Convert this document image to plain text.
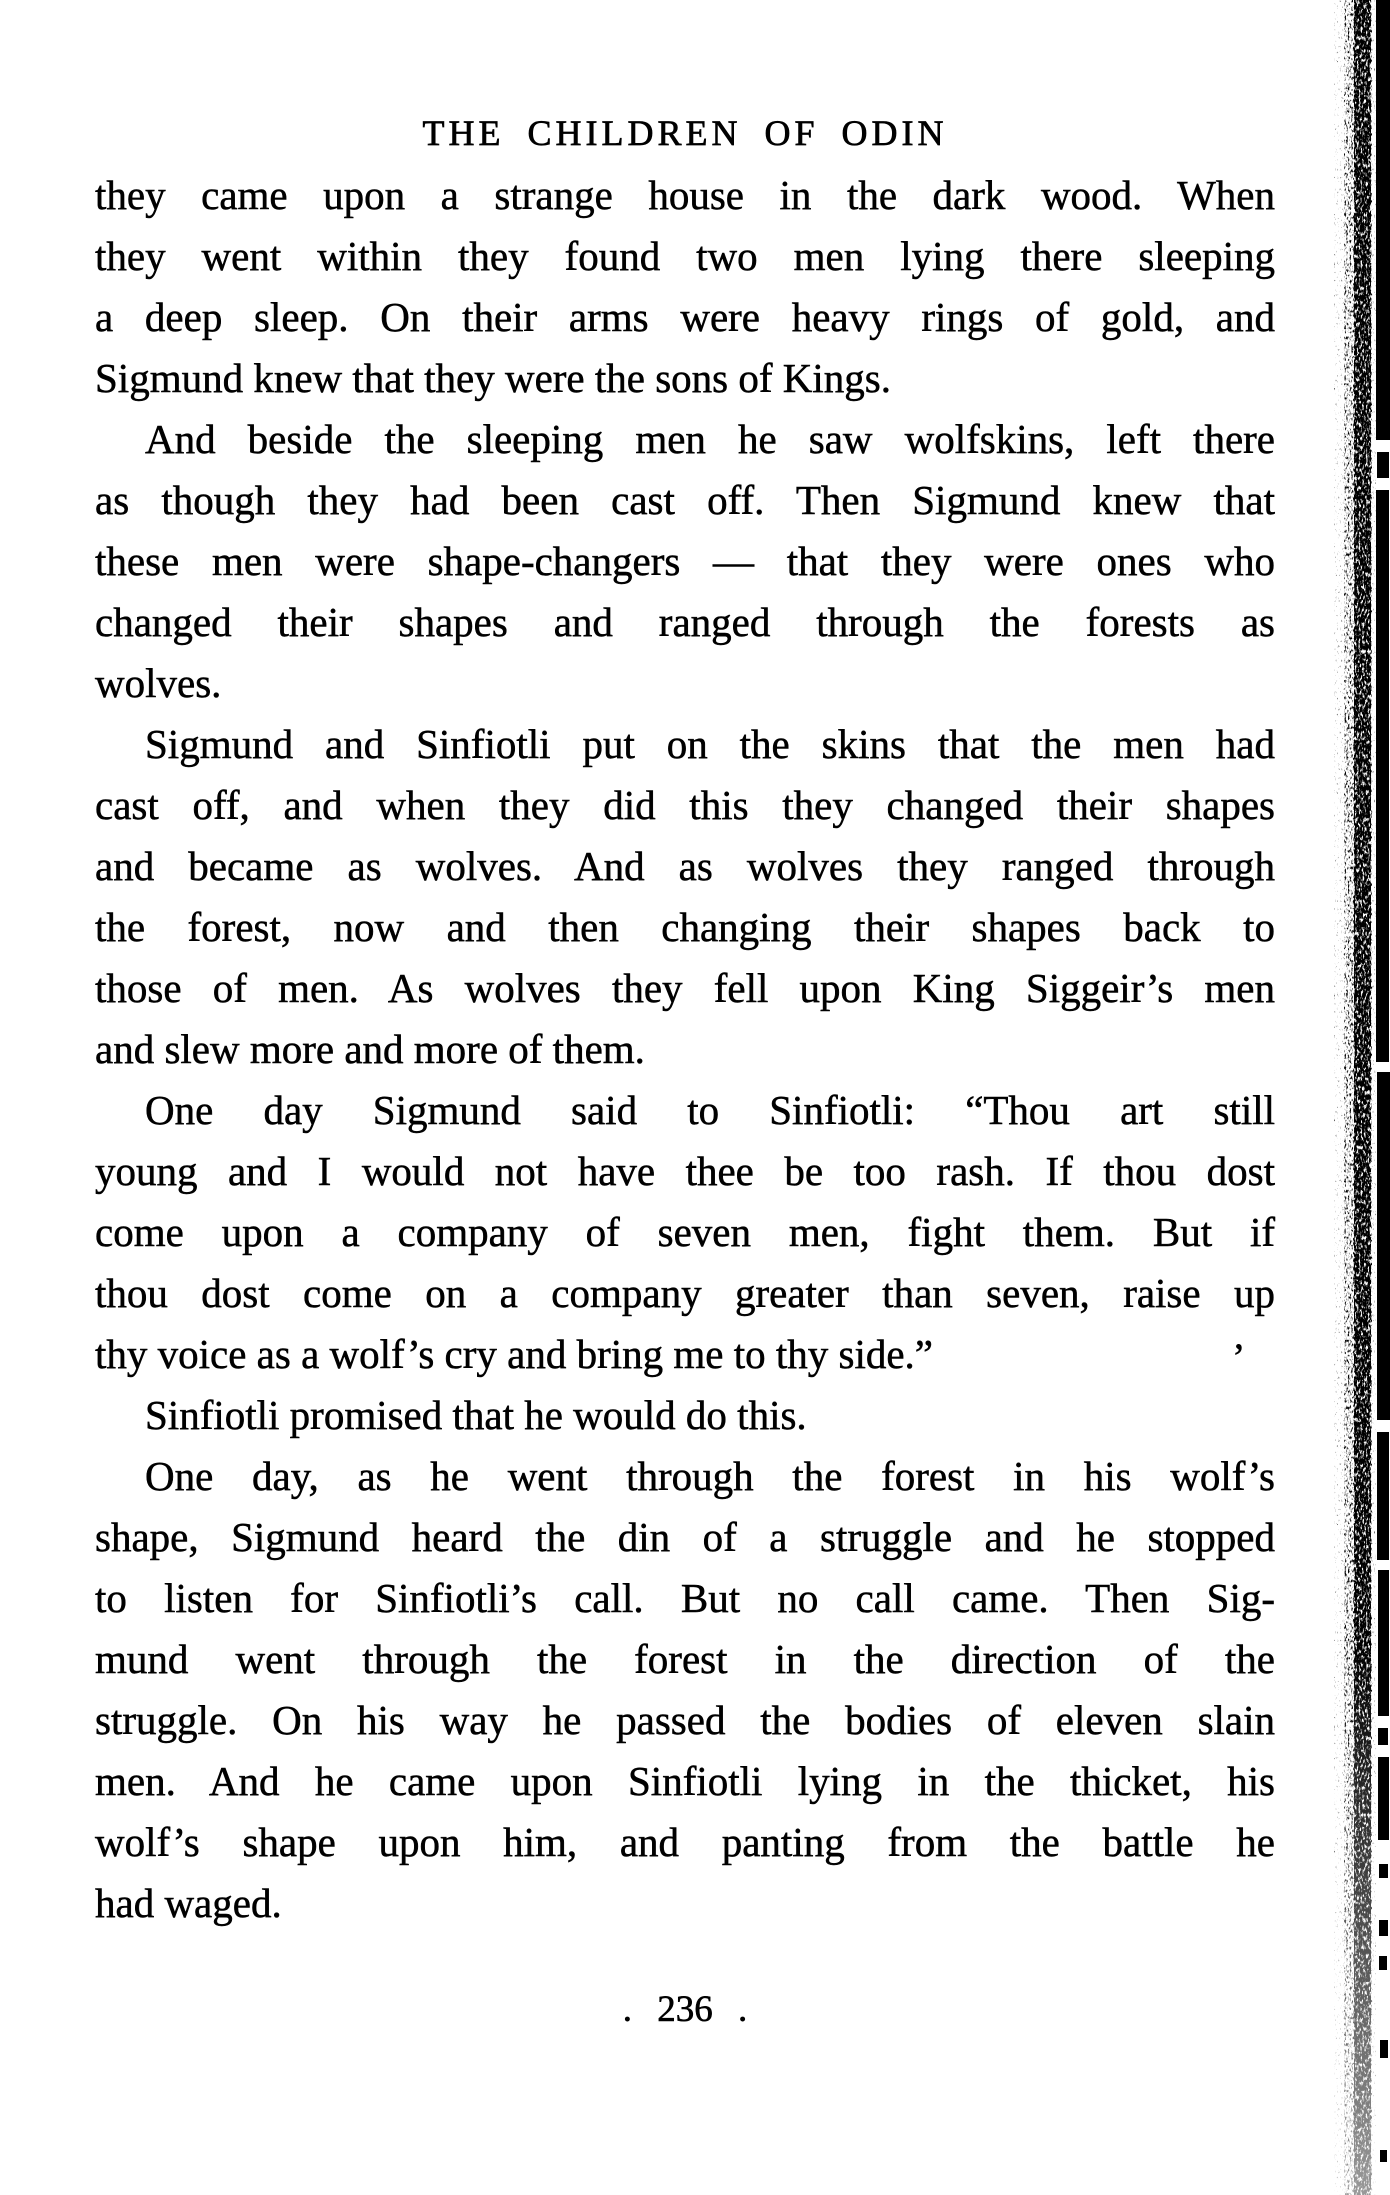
THE CHILDREN OF ODIN
they came upon a strange house in the dark wood. When
they went within they found two men lying there sleeping
a deep sleep. On their arms were heavy rings of gold, and
Sigmund knew that they were the sons of Kings.
And beside the sleeping men he saw wolfskins, left there
as though they had been cast off. Then Sigmund knew that
these men were shape-changers — that they were ones who
changed their shapes and ranged through the forests as
wolves.
Sigmund and Sinfiotli put on the skins that the men had
cast off, and when they did this they changed their shapes
and became as wolves. And as wolves they ranged through
the forest, now and then changing their shapes back to
those of men. As wolves they fell upon King Siggeir’s men
and slew more and more of them.
One day Sigmund said to Sinfiotli: “Thou art still
young and I would not have thee be too rash. If thou dost
come upon a company of seven men, fight them. But if
thou dost come on a company greater than seven, raise up
thy voice as a wolf’s cry and bring me to thy side.”
Sinfiotli promised that he would do this.
One day, as he went through the forest in his wolf’s
shape, Sigmund heard the din of a struggle and he stopped
to listen for Sinfiotli’s call. But no call came. Then Sig-
mund went through the forest in the direction of the
struggle. On his way he passed the bodies of eleven slain
men. And he came upon Sinfiotli lying in the thicket, his
wolf’s shape upon him, and panting from the battle he
had waged.
’
. 236 .
